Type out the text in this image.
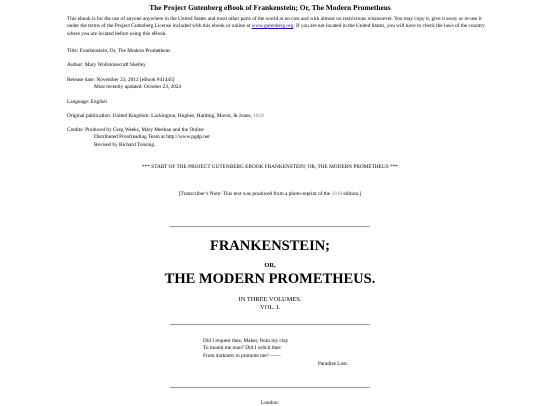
The Project Gutenberg eBook of Frankenstein; Or, The Modern Prometheus
This ebook is for the use of anyone anywhere in the United States and most other parts of the world at no cost and with almost no restrictions whatsoever. You may copy it, give it away or re-use it under the terms of the Project Gutenberg License included with this ebook or online at www.gutenberg.org. If you are not located in the United States, you will have to check the laws of the country where you are located before using this eBook.
Title: Frankenstein; Or, The Modern Prometheus
Author: Mary Wollstonecraft Shelley
Release date: November 23, 2012 [eBook #41445]
Most recently updated: October 23, 2024
Language: English
Original publication: United Kingdom: Lackington, Hughes, Harding, Mavor, & Jones, 1818
Credits: Produced by Greg Weeks, Mary Meehan and the Online
Distributed Proofreading Team at http://www.pgdp.net
Revised by Richard Tonsing.
*** START OF THE PROJECT GUTENBERG EBOOK FRANKENSTEIN; OR, THE MODERN PROMETHEUS ***
[Transcriber’s Note: This text was produced from a photo-reprint of the 1818 edition.]
FRANKENSTEIN;
OR,
THE MODERN PROMETHEUS.
IN THREE VOLUMES.
VOL. I.
Did I request thee, Maker, from my clay
To mould me man? Did I solicit thee
From darkness to promote me? ——
Paradise Lost.
London:
